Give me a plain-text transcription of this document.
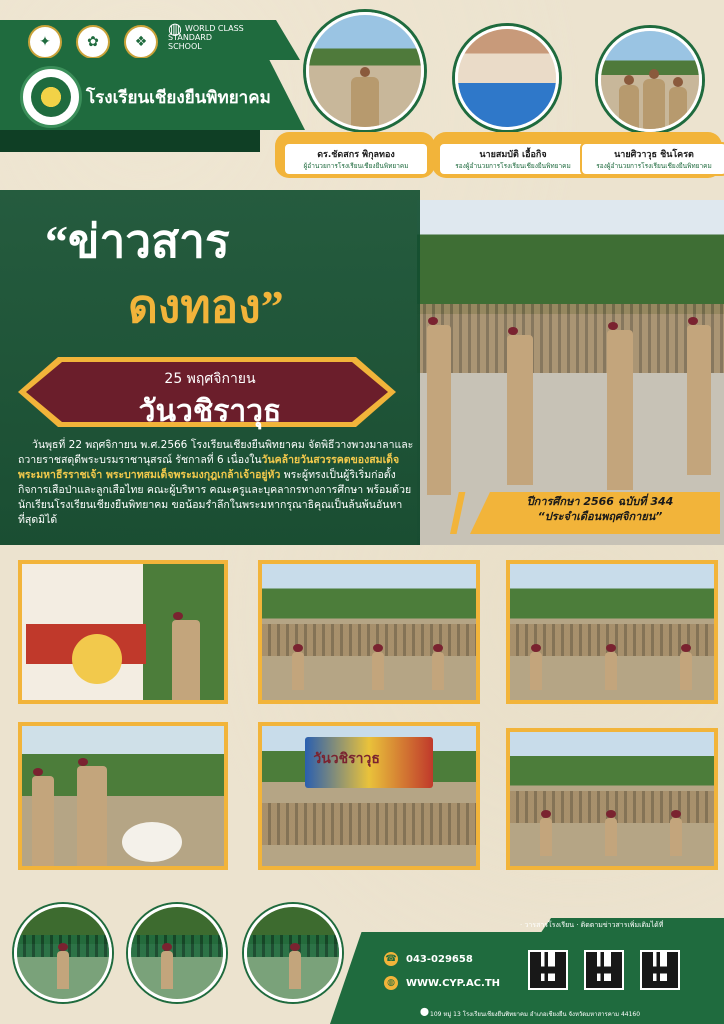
✦	✿	❖
◍ WORLD CLASS STANDARD SCHOOL
โรงเรียนเชียงยืนพิทยาคม
ดร.ชัดสกร พิกุลทอง
ผู้อำนวยการโรงเรียนเชียงยืนพิทยาคม
นายสมบัติ เอื้อกิจ
รองผู้อำนวยการโรงเรียนเชียงยืนพิทยาคม
นายศิวาวุธ ชินโครต
รองผู้อำนวยการโรงเรียนเชียงยืนพิทยาคม
“ข่าวสาร
ดงทอง”
25 พฤศจิกายน
วันวชิราวุธ
วันพุธที่ 22 พฤศจิกายน พ.ศ.2566 โรงเรียนเชียงยืนพิทยาคม จัดพิธีวางพวงมาลาและถวายราชสดุดีพระบรมราชานุสรณ์ รัชกาลที่ 6 เนื่องในวันคล้ายวันสวรรคตของสมเด็จพระมหาธีรราชเจ้า พระบาทสมเด็จพระมงกุฎเกล้าเจ้าอยู่หัว พระผู้ทรงเป็นผู้ริเริ่มก่อตั้งกิจการเสือป่าและลูกเสือไทย คณะผู้บริหาร คณะครูและบุคลากรทางการศึกษา พร้อมด้วยนักเรียนโรงเรียนเชียงยืนพิทยาคม ขอน้อมรำลึกในพระมหากรุณาธิคุณเป็นล้นพ้นอันหาที่สุดมิได้
ปีการศึกษา 2566 ฉบับที่ 344
“ประจำเดือนพฤศจิกายน”
วันวชิราวุธ
· วารสารโรงเรียน · ติดตามข่าวสารเพิ่มเติมได้ที่
☎ 043-029658
◍	WWW.CYP.AC.TH
⬤ 109 หมู่ 13 โรงเรียนเชียงยืนพิทยาคม อำเภอเชียงยืน จังหวัดมหาสารคาม 44160
